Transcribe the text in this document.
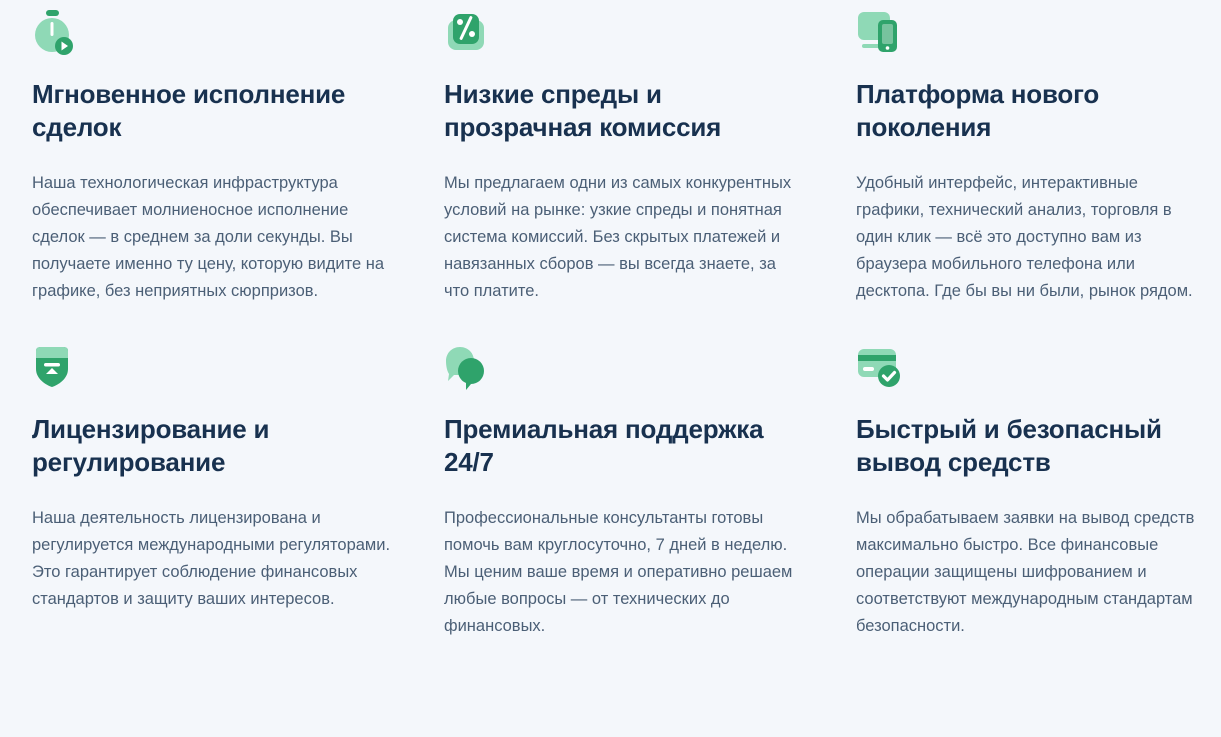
Мгновенное исполнение сделок

Наша технологическая инфраструктура обеспечивает молниеносное исполнение сделок — в среднем за доли секунды. Вы получаете именно ту цену, которую видите на графике, без неприятных сюрпризов.

Низкие спреды и прозрачная комиссия

Мы предлагаем одни из самых конкурентных условий на рынке: узкие спреды и понятная система комиссий. Без скрытых платежей и навязанных сборов — вы всегда знаете, за что платите.

Платформа нового поколения

Удобный интерфейс, интерактивные графики, технический анализ, торговля в один клик — всё это доступно вам из браузера мобильного телефона или десктопа. Где бы вы ни были, рынок рядом.

Лицензирование и регулирование

Наша деятельность лицензирована и регулируется международными регуляторами. Это гарантирует соблюдение финансовых стандартов и защиту ваших интересов.

Премиальная поддержка 24/7

Профессиональные консультанты готовы помочь вам круглосуточно, 7 дней в неделю. Мы ценим ваше время и оперативно решаем любые вопросы — от технических до финансовых.

Быстрый и безопасный вывод средств

Мы обрабатываем заявки на вывод средств максимально быстро. Все финансовые операции защищены шифрованием и соответствуют международным стандартам безопасности.
